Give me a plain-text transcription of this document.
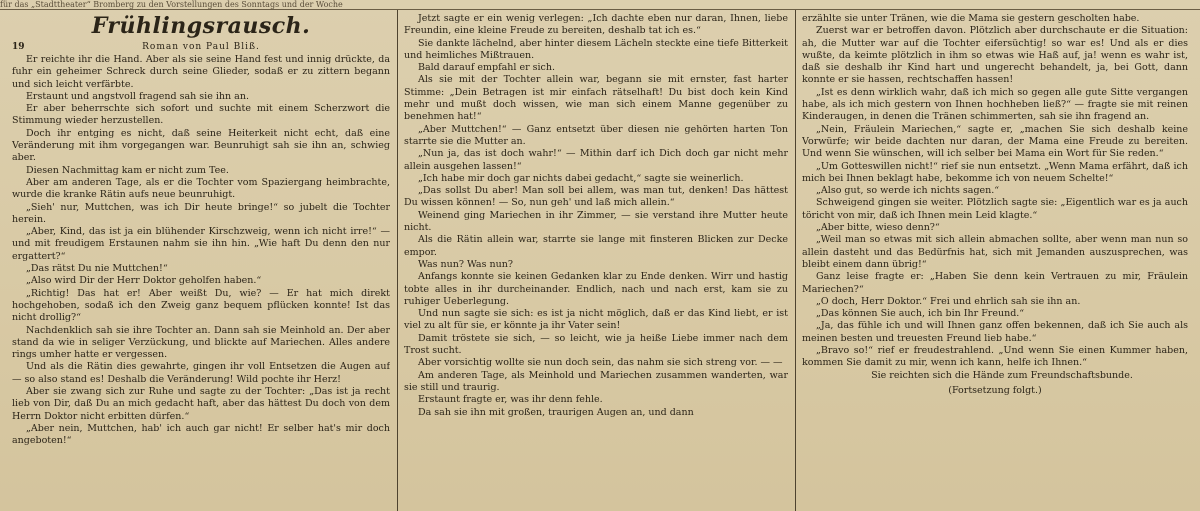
für das „Stadttheater“ Bromberg zu den Vorstellungen des Sonntags und der Woche
Frühlingsrausch.
19	Roman von Paul Bliß.

Er reichte ihr die Hand. Aber als sie seine Hand fest und innig drückte, da fuhr ein geheimer Schreck durch seine Glieder, sodaß er zu zittern begann und sich leicht verfärbte.

Erstaunt und angstvoll fragend sah sie ihn an.

Er aber beherrschte sich sofort und suchte mit einem Scherzwort die Stimmung wieder herzustellen.

Doch ihr entging es nicht, daß seine Heiterkeit nicht echt, daß eine Veränderung mit ihm vorgegangen war. Beunruhigt sah sie ihn an, schwieg aber.

Diesen Nachmittag kam er nicht zum Tee.

Aber am anderen Tage, als er die Tochter vom Spaziergang heimbrachte, wurde die kranke Rätin aufs neue beunruhigt.

„Sieh' nur, Muttchen, was ich Dir heute bringe!“ so jubelt die Tochter herein.

„Aber, Kind, das ist ja ein blühender Kirschzweig, wenn ich nicht irre!“ — und mit freudigem Erstaunen nahm sie ihn hin. „Wie haft Du denn den nur ergattert?“

„Das rätst Du nie Muttchen!“

„Also wird Dir der Herr Doktor geholfen haben.“

„Richtig! Das hat er! Aber weißt Du, wie? — Er hat mich direkt hochgehoben, sodaß ich den Zweig ganz bequem pflücken konnte! Ist das nicht drollig?“

Nachdenklich sah sie ihre Tochter an. Dann sah sie Meinhold an. Der aber stand da wie in seliger Verzückung, und blickte auf Mariechen. Alles andere rings umher hatte er vergessen.

Und als die Rätin dies gewahrte, gingen ihr voll Entsetzen die Augen auf — so also stand es! Deshalb die Veränderung! Wild pochte ihr Herz!

Aber sie zwang sich zur Ruhe und sagte zu der Tochter: „Das ist ja recht lieb von Dir, daß Du an mich gedacht haft, aber das hättest Du doch von dem Herrn Doktor nicht erbitten dürfen.“

„Aber nein, Muttchen, hab' ich auch gar nicht! Er selber hat's mir doch angeboten!“

Jetzt sagte er ein wenig verlegen: „Ich dachte eben nur daran, Ihnen, liebe Freundin, eine kleine Freude zu bereiten, deshalb tat ich es.“

Sie dankte lächelnd, aber hinter diesem Lächeln steckte eine tiefe Bitterkeit und heimliches Mißtrauen.

Bald darauf empfahl er sich.

Als sie mit der Tochter allein war, begann sie mit ernster, fast harter Stimme: „Dein Betragen ist mir einfach rätselhaft! Du bist doch kein Kind mehr und mußt doch wissen, wie man sich einem Manne gegenüber zu benehmen hat!“

„Aber Muttchen!“ — Ganz entsetzt über diesen nie gehörten harten Ton starrte sie die Mutter an.

„Nun ja, das ist doch wahr!“ — Mithin darf ich Dich doch gar nicht mehr allein ausgehen lassen!“

„Ich habe mir doch gar nichts dabei gedacht,“ sagte sie weinerlich.

„Das sollst Du aber! Man soll bei allem, was man tut, denken! Das hättest Du wissen können! — So, nun geh' und laß mich allein.“

Weinend ging Mariechen in ihr Zimmer, — sie verstand ihre Mutter heute nicht.

Als die Rätin allein war, starrte sie lange mit finsteren Blicken zur Decke empor.

Was nun? Was nun?

Anfangs konnte sie keinen Gedanken klar zu Ende denken. Wirr und hastig tobte alles in ihr durcheinander. Endlich, nach und nach erst, kam sie zu ruhiger Ueberlegung.

Und nun sagte sie sich: es ist ja nicht möglich, daß er das Kind liebt, er ist viel zu alt für sie, er könnte ja ihr Vater sein!

Damit tröstete sie sich, — so leicht, wie ja heiße Liebe immer nach dem Trost sucht.

Aber vorsichtig wollte sie nun doch sein, das nahm sie sich streng vor. — —

Am anderen Tage, als Meinhold und Mariechen zusammen wanderten, war sie still und traurig.

Erstaunt fragte er, was ihr denn fehle.

Da sah sie ihn mit großen, traurigen Augen an, und dann

erzählte sie unter Tränen, wie die Mama sie gestern gescholten habe.

Zuerst war er betroffen davon. Plötzlich aber durchschaute er die Situation: ah, die Mutter war auf die Tochter eifersüchtig! so war es! Und als er dies wußte, da keimte plötzlich in ihm so etwas wie Haß auf, ja! wenn es wahr ist, daß sie deshalb ihr Kind hart und ungerecht behandelt, ja, bei Gott, dann konnte er sie hassen, rechtschaffen hassen!

„Ist es denn wirklich wahr, daß ich mich so gegen alle gute Sitte vergangen habe, als ich mich gestern von Ihnen hochheben ließ?“ — fragte sie mit reinen Kinderaugen, in denen die Tränen schimmerten, sah sie ihn fragend an.

„Nein, Fräulein Mariechen,“ sagte er, „machen Sie sich deshalb keine Vorwürfe; wir beide dachten nur daran, der Mama eine Freude zu bereiten. Und wenn Sie wünschen, will ich selber bei Mama ein Wort für Sie reden.“

„Um Gotteswillen nicht!“ rief sie nun entsetzt. „Wenn Mama erfährt, daß ich mich bei Ihnen beklagt habe, bekomme ich von neuem Schelte!“

„Also gut, so werde ich nichts sagen.“

Schweigend gingen sie weiter. Plötzlich sagte sie: „Eigentlich war es ja auch töricht von mir, daß ich Ihnen mein Leid klagte.“

„Aber bitte, wieso denn?“

„Weil man so etwas mit sich allein abmachen sollte, aber wenn man nun so allein dasteht und das Bedürfnis hat, sich mit Jemanden auszusprechen, was bleibt einem dann übrig!“

Ganz leise fragte er: „Haben Sie denn kein Vertrauen zu mir, Fräulein Mariechen?“

„O doch, Herr Doktor.“ Frei und ehrlich sah sie ihn an.

„Das können Sie auch, ich bin Ihr Freund.“

„Ja, das fühle ich und will Ihnen ganz offen bekennen, daß ich Sie auch als meinen besten und treuesten Freund lieb habe.“

„Bravo so!“ rief er freudestrahlend. „Und wenn Sie einen Kummer haben, kommen Sie damit zu mir, wenn ich kann, helfe ich Ihnen.“

Sie reichten sich die Hände zum Freundschaftsbunde.

(Fortsetzung folgt.)
